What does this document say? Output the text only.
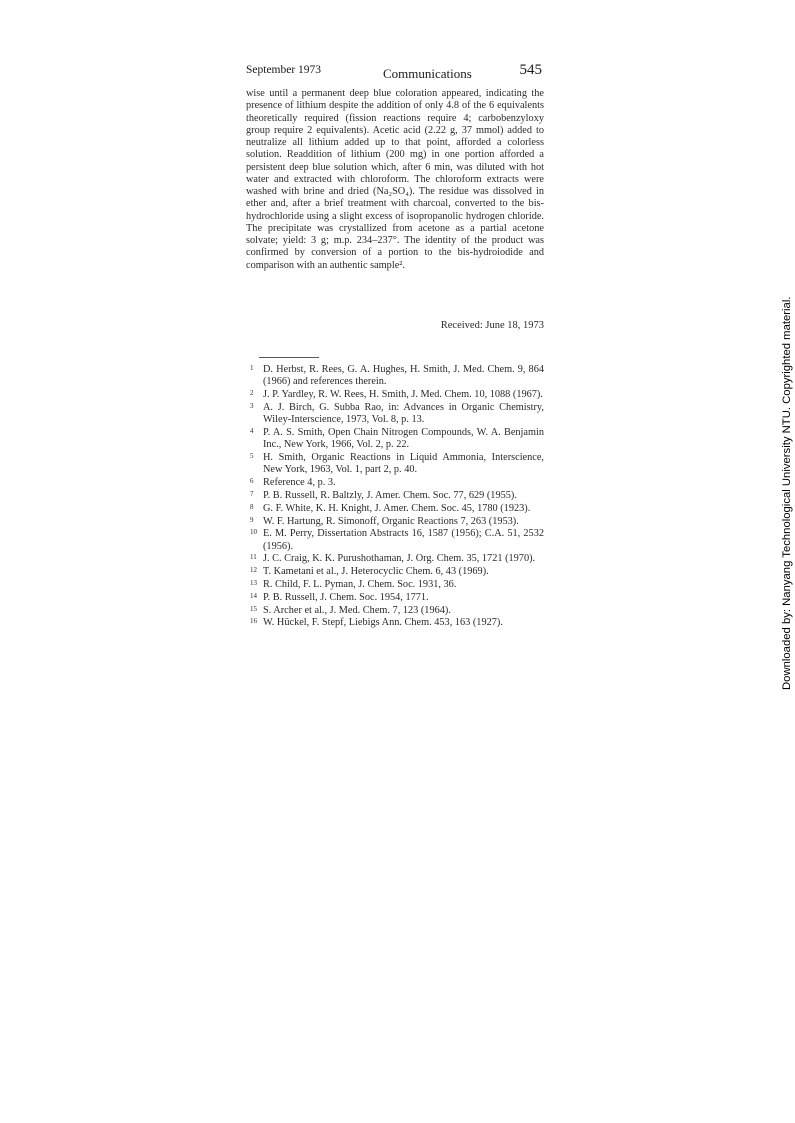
September 1973	Communications	545

wise until a permanent deep blue coloration appeared, indicating the presence of lithium despite the addition of only 4.8 of the 6 equivalents theoretically required (fission reactions require 4; carbobenzyloxy group require 2 equivalents). Acetic acid (2.22 g, 37 mmol) added to neutralize all lithium added up to that point, afforded a colorless solution. Readdition of lithium (200 mg) in one portion afforded a persistent deep blue solution which, after 6 min, was diluted with hot water and extracted with chloroform. The chloroform extracts were washed with brine and dried (Na₂SO₄). The residue was dissolved in ether and, after a brief treatment with charcoal, converted to the bis-hydrochloride using a slight excess of isopropanolic hydrogen chloride. The precipitate was crystallized from acetone as a partial acetone solvate; yield: 3 g; m.p. 234–237°. The identity of the product was confirmed by conversion of a portion to the bis-hydroiodide and comparison with an authentic sample².

Received: June 18, 1973
1 D. Herbst, R. Rees, G. A. Hughes, H. Smith, J. Med. Chem. 9, 864 (1966) and references therein.
2 J. P. Yardley, R. W. Rees, H. Smith, J. Med. Chem. 10, 1088 (1967).
3 A. J. Birch, G. Subba Rao, in: Advances in Organic Chemistry, Wiley-Interscience, 1973, Vol. 8, p. 13.
4 P. A. S. Smith, Open Chain Nitrogen Compounds, W. A. Benjamin Inc., New York, 1966, Vol. 2, p. 22.
5 H. Smith, Organic Reactions in Liquid Ammonia, Interscience, New York, 1963, Vol. 1, part 2, p. 40.
6 Reference 4, p. 3.
7 P. B. Russell, R. Baltzly, J. Amer. Chem. Soc. 77, 629 (1955).
8 G. F. White, K. H. Knight, J. Amer. Chem. Soc. 45, 1780 (1923).
9 W. F. Hartung, R. Simonoff, Organic Reactions 7, 263 (1953).
10 E. M. Perry, Dissertation Abstracts 16, 1587 (1956); C.A. 51, 2532 (1956).
11 J. C. Craig, K. K. Purushothaman, J. Org. Chem. 35, 1721 (1970).
12 T. Kametani et al., J. Heterocyclic Chem. 6, 43 (1969).
13 R. Child, F. L. Pyman, J. Chem. Soc. 1931, 36.
14 P. B. Russell, J. Chem. Soc. 1954, 1771.
15 S. Archer et al., J. Med. Chem. 7, 123 (1964).
16 W. Hückel, F. Stepf, Liebigs Ann. Chem. 453, 163 (1927).	Downloaded by: Nanyang Technological University NTU. Copyrighted material.
